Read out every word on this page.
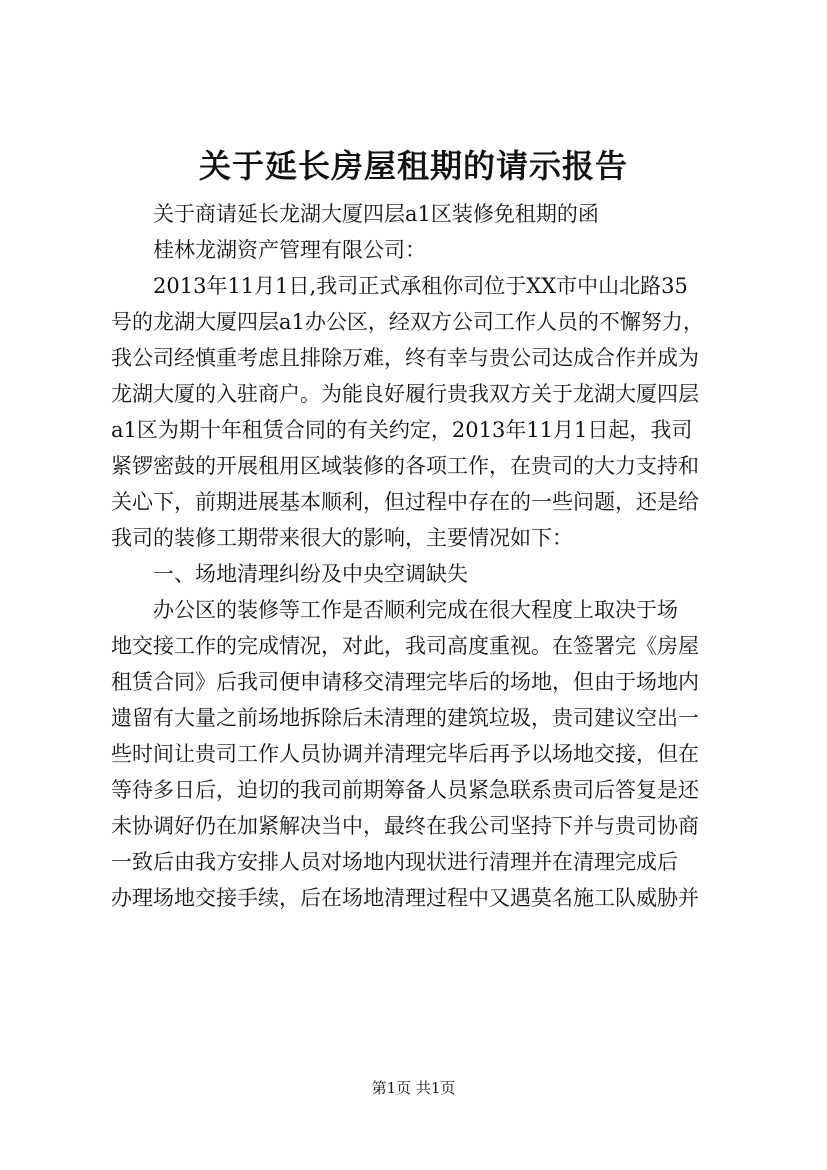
关于延长房屋租期的请示报告
关于商请延长龙湖大厦四层a1区装修免租期的函
桂林龙湖资产管理有限公司：
2013年11月1日,我司正式承租你司位于XX市中山北路35
号的龙湖大厦四层a1办公区，经双方公司工作人员的不懈努力，
我公司经慎重考虑且排除万难，终有幸与贵公司达成合作并成为
龙湖大厦的入驻商户。为能良好履行贵我双方关于龙湖大厦四层
a1区为期十年租赁合同的有关约定，2013年11月1日起，我司
紧锣密鼓的开展租用区域装修的各项工作，在贵司的大力支持和
关心下，前期进展基本顺利，但过程中存在的一些问题，还是给
我司的装修工期带来很大的影响，主要情况如下：
一、场地清理纠纷及中央空调缺失
办公区的装修等工作是否顺利完成在很大程度上取决于场
地交接工作的完成情况，对此，我司高度重视。在签署完《房屋
租赁合同》后我司便申请移交清理完毕后的场地，但由于场地内
遗留有大量之前场地拆除后未清理的建筑垃圾，贵司建议空出一
些时间让贵司工作人员协调并清理完毕后再予以场地交接，但在
等待多日后，迫切的我司前期筹备人员紧急联系贵司后答复是还
未协调好仍在加紧解决当中，最终在我公司坚持下并与贵司协商
一致后由我方安排人员对场地内现状进行清理并在清理完成后
办理场地交接手续，后在场地清理过程中又遇莫名施工队威胁并
第1页 共1页
